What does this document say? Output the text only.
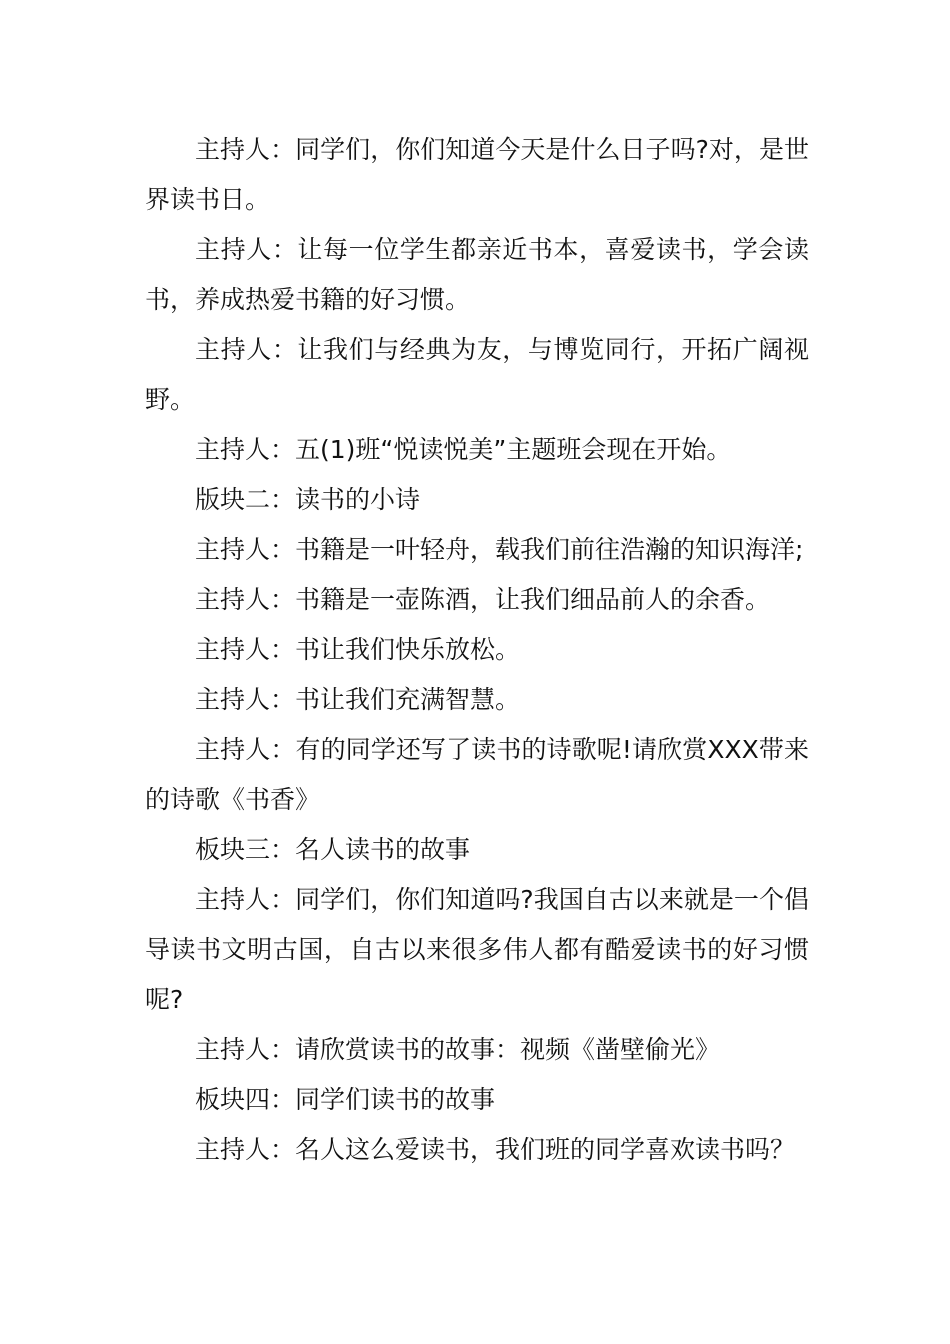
主持人：同学们，你们知道今天是什么日子吗?对，是世界读书日。

主持人：让每一位学生都亲近书本，喜爱读书，学会读书，养成热爱书籍的好习惯。

主持人：让我们与经典为友，与博览同行，开拓广阔视野。

主持人：五(1)班“悦读悦美”主题班会现在开始。

版块二：读书的小诗

主持人：书籍是一叶轻舟，载我们前往浩瀚的知识海洋;

主持人：书籍是一壶陈酒，让我们细品前人的余香。

主持人：书让我们快乐放松。

主持人：书让我们充满智慧。

主持人：有的同学还写了读书的诗歌呢!请欣赏XXX带来的诗歌《书香》

板块三：名人读书的故事

主持人：同学们，你们知道吗?我国自古以来就是一个倡导读书文明古国，自古以来很多伟人都有酷爱读书的好习惯呢?

主持人：请欣赏读书的故事：视频《凿壁偷光》

板块四：同学们读书的故事

主持人：名人这么爱读书，我们班的同学喜欢读书吗？
